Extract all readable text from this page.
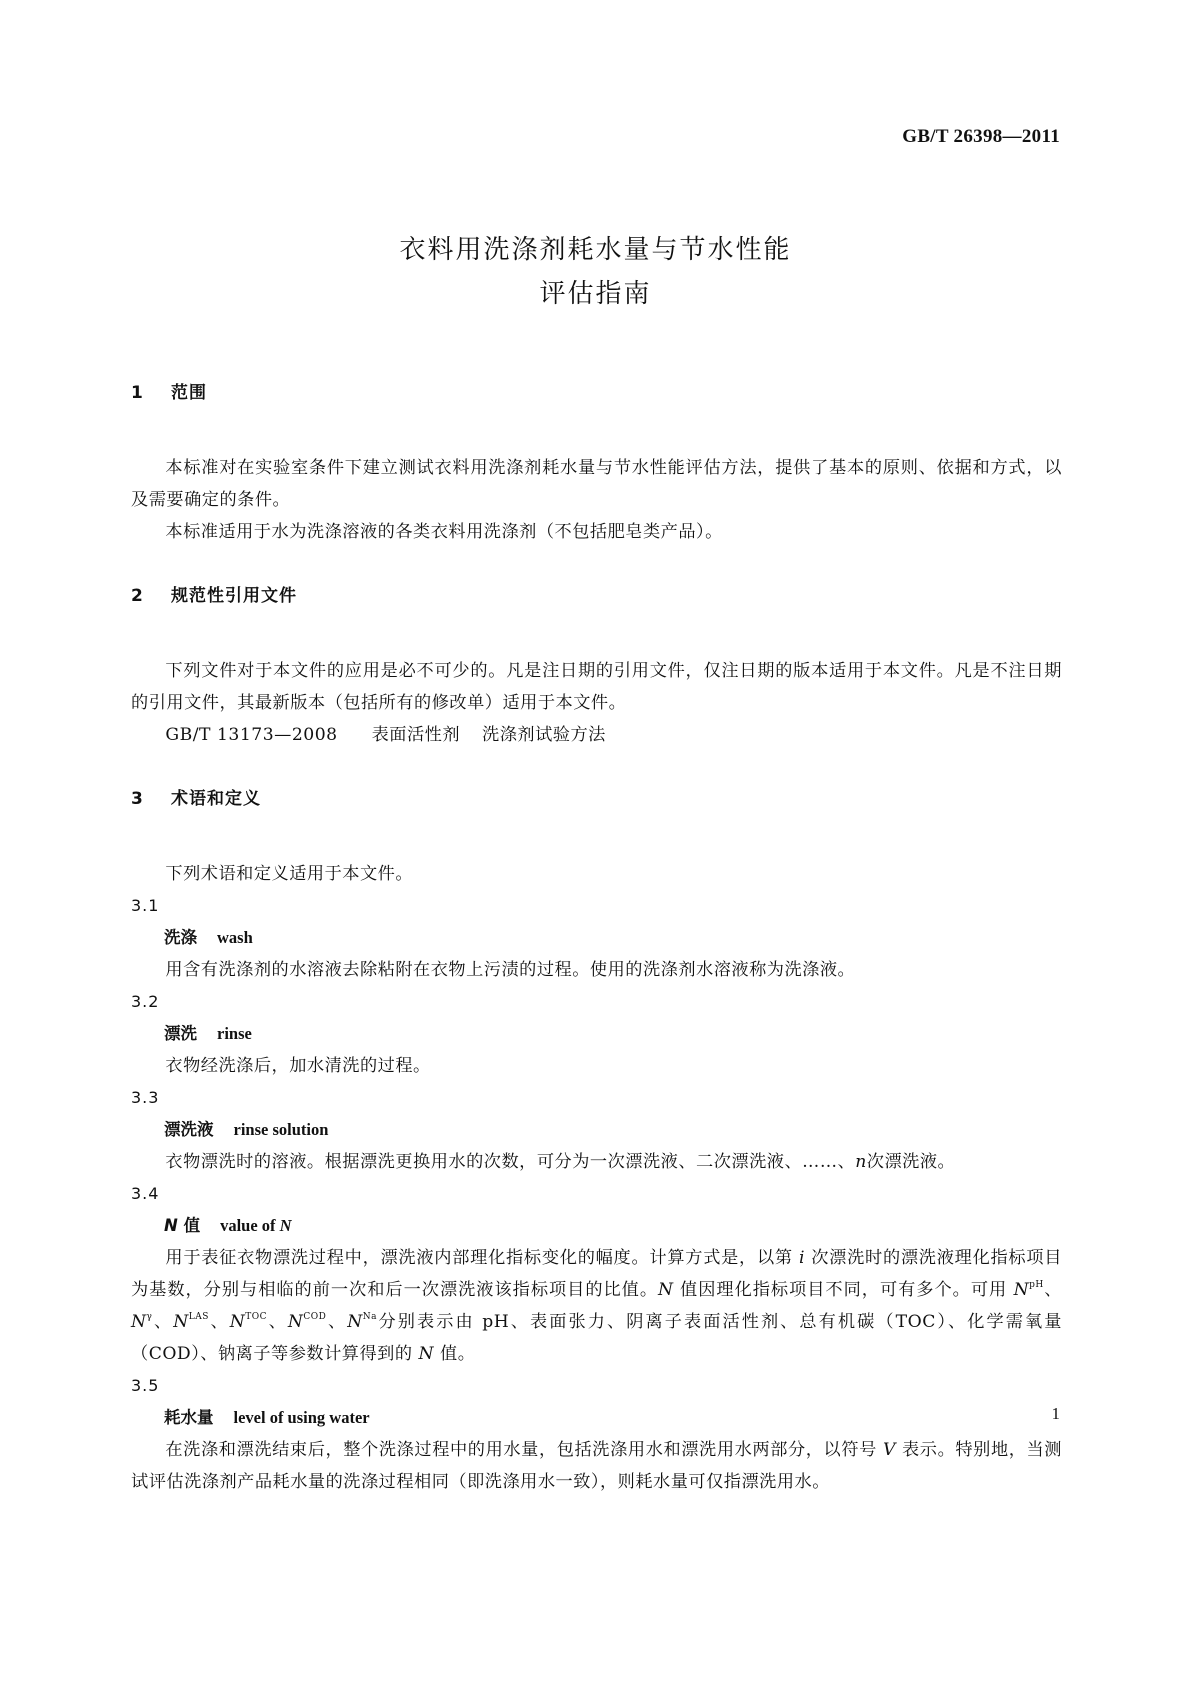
GB/T 26398—2011
衣料用洗涤剂耗水量与节水性能
评估指南
1 范围
本标准对在实验室条件下建立测试衣料用洗涤剂耗水量与节水性能评估方法，提供了基本的原则、依据和方式，以及需要确定的条件。
本标准适用于水为洗涤溶液的各类衣料用洗涤剂（不包括肥皂类产品）。
2 规范性引用文件
下列文件对于本文件的应用是必不可少的。凡是注日期的引用文件，仅注日期的版本适用于本文件。凡是不注日期的引用文件，其最新版本（包括所有的修改单）适用于本文件。
GB/T 13173—2008 表面活性剂 洗涤剂试验方法
3 术语和定义
下列术语和定义适用于本文件。
3.1
洗涤 wash
用含有洗涤剂的水溶液去除粘附在衣物上污渍的过程。使用的洗涤剂水溶液称为洗涤液。
3.2
漂洗 rinse
衣物经洗涤后，加水清洗的过程。
3.3
漂洗液 rinse solution
衣物漂洗时的溶液。根据漂洗更换用水的次数，可分为一次漂洗液、二次漂洗液、……、n次漂洗液。
3.4
N 值 value of N
用于表征衣物漂洗过程中，漂洗液内部理化指标变化的幅度。计算方式是，以第 i 次漂洗时的漂洗液理化指标项目为基数，分别与相临的前一次和后一次漂洗液该指标项目的比值。N 值因理化指标项目不同，可有多个。可用 $N^{pH}$、$N^\gamma$、$N^{LAS}$、$N^{TOC}$、$N^{COD}$、$N^{Na}$分别表示由 pH、表面张力、阴离子表面活性剂、总有机碳（TOC）、化学需氧量（COD）、钠离子等参数计算得到的 N 值。
3.5
耗水量 level of using water
在洗涤和漂洗结束后，整个洗涤过程中的用水量，包括洗涤用水和漂洗用水两部分，以符号 V 表示。特别地，当测试评估洗涤剂产品耗水量的洗涤过程相同（即洗涤用水一致），则耗水量可仅指漂洗用水。
1
